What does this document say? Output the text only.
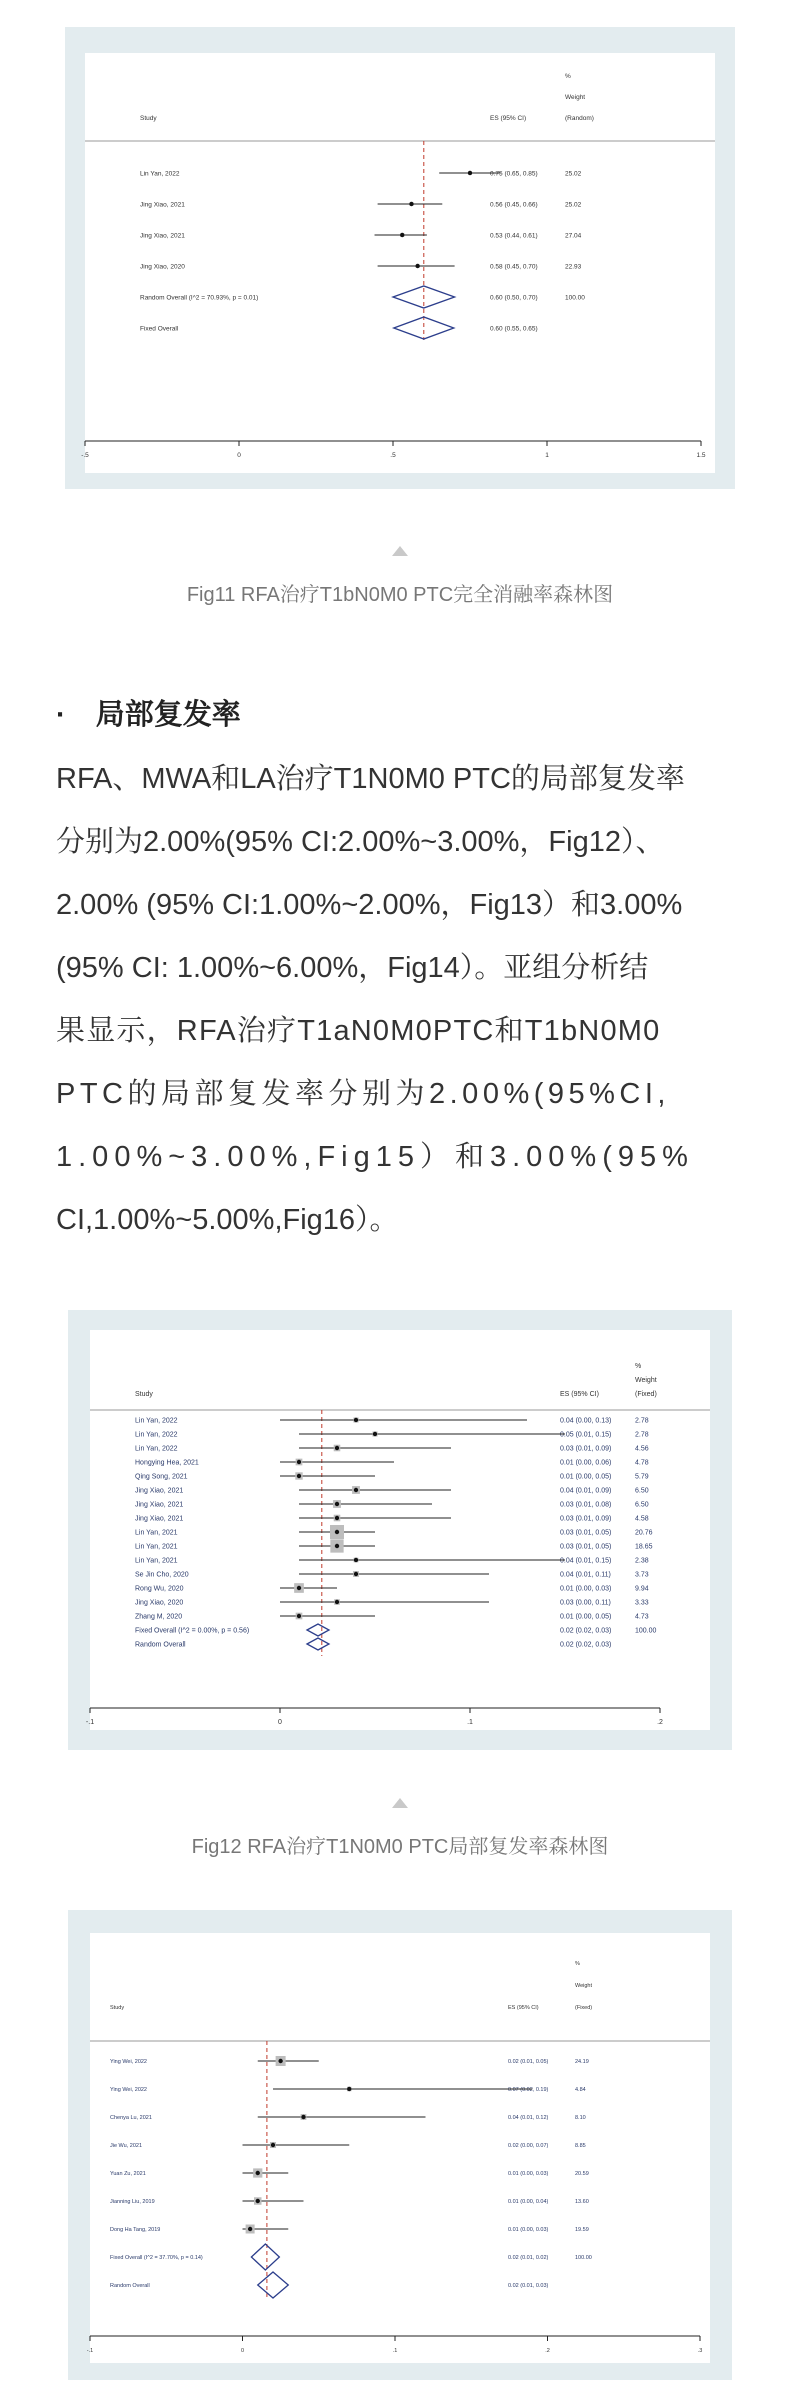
%
Weight
Study	ES (95% CI)	(Random)
Lin Yan, 2022	0.75 (0.65, 0.85)	25.02
Jing Xiao, 2021	0.56 (0.45, 0.66)	25.02
Jing Xiao, 2021	0.53 (0.44, 0.61)	27.04
Jing Xiao, 2020	0.58 (0.45, 0.70)	22.93
Random Overall (I^2 = 70.93%, p = 0.01)	0.60 (0.50, 0.70)	100.00
Fixed Overall	0.60 (0.55, 0.65)
-.5	0	.5	1	1.5
Fig11 RFA治疗T1bN0M0 PTC完全消融率森林图
· 局部复发率
RFA、MWA和LA治疗T1N0M0 PTC的局部复发率
分别为2.00%(95% CI:2.00%~3.00%，Fig12）、
2.00% (95% CI:1.00%~2.00%，Fig13）和3.00%
(95% CI: 1.00%~6.00%，Fig14）。亚组分析结
果显示，RFA治疗T1aN0M0PTC和T1bN0M0
PTC的局部复发率分别为2.00%(95%CI,
1.00%~3.00%,Fig15）和3.00%(95%
CI,1.00%~5.00%,Fig16）。
%
Weight
Study	ES (95% CI)	(Fixed)
Lin Yan, 2022	0.04 (0.00, 0.13)	2.78
Lin Yan, 2022	0.05 (0.01, 0.15)	2.78
Lin Yan, 2022	0.03 (0.01, 0.09)	4.56
Hongying Hea, 2021	0.01 (0.00, 0.06)	4.78
Qing Song, 2021	0.01 (0.00, 0.05)	5.79
Jing Xiao, 2021	0.04 (0.01, 0.09)	6.50
Jing Xiao, 2021	0.03 (0.01, 0.08)	6.50
Jing Xiao, 2021	0.03 (0.01, 0.09)	4.58
Lin Yan, 2021	0.03 (0.01, 0.05)	20.76
Lin Yan, 2021	0.03 (0.01, 0.05)	18.65
Lin Yan, 2021	0.04 (0.01, 0.15)	2.38
Se Jin Cho, 2020	0.04 (0.01, 0.11)	3.73
Rong Wu, 2020	0.01 (0.00, 0.03)	9.94
Jing Xiao, 2020	0.03 (0.00, 0.11)	3.33
Zhang M, 2020	0.01 (0.00, 0.05)	4.73
Fixed Overall (I^2 = 0.00%, p = 0.56)	0.02 (0.02, 0.03)	100.00
Random Overall	0.02 (0.02, 0.03)
-.1	0	.1	.2
Fig12 RFA治疗T1N0M0 PTC局部复发率森林图
%
Weight
Study	ES (95% CI)	(Fixed)
Ying Wei, 2022	0.02 (0.01, 0.05)	24.19
Ying Wei, 2022	0.07 (0.02, 0.19)	4.84
Chenya Lu, 2021	0.04 (0.01, 0.12)	8.10
Jie Wu, 2021	0.02 (0.00, 0.07)	8.85
Yuan Zu, 2021	0.01 (0.00, 0.03)	20.59
Jianning Liu, 2019	0.01 (0.00, 0.04)	13.60
Dong Ha Tang, 2019	0.01 (0.00, 0.03)	19.59
Fixed Overall (I^2 = 37.70%, p = 0.14)	0.02 (0.01, 0.02)	100.00
Random Overall	0.02 (0.01, 0.03)
-.1	0	.1	.2	.3
